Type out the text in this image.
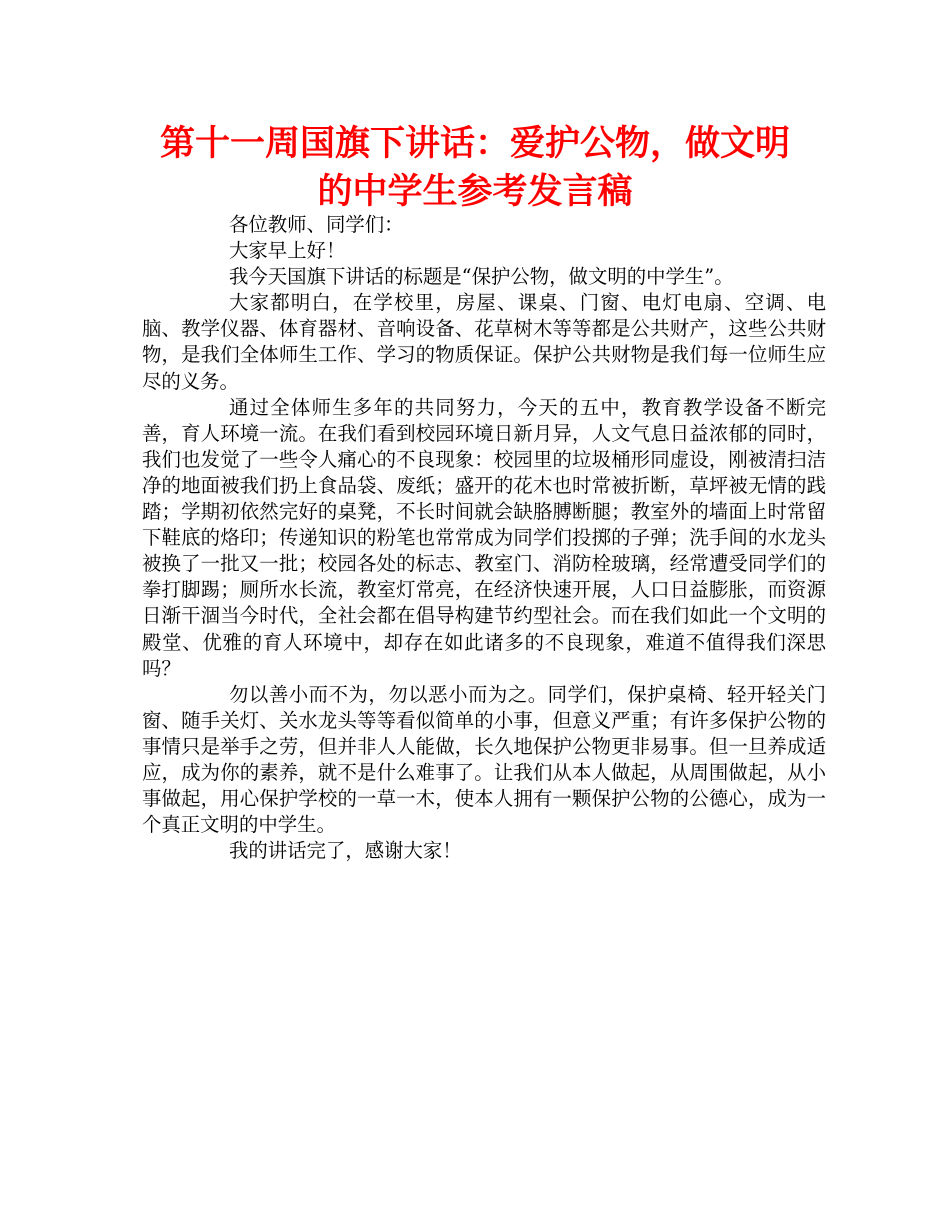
第十一周国旗下讲话：爱护公物，做文明
的中学生参考发言稿

各位教师、同学们：

大家早上好！

我今天国旗下讲话的标题是“保护公物，做文明的中学生”。

大家都明白，在学校里，房屋、课桌、门窗、电灯电扇、空调、电脑、教学仪器、体育器材、音响设备、花草树木等等都是公共财产，这些公共财物，是我们全体师生工作、学习的物质保证。保护公共财物是我们每一位师生应尽的义务。

通过全体师生多年的共同努力，今天的五中，教育教学设备不断完善，育人环境一流。在我们看到校园环境日新月异，人文气息日益浓郁的同时，我们也发觉了一些令人痛心的不良现象：校园里的垃圾桶形同虚设，刚被清扫洁净的地面被我们扔上食品袋、废纸；盛开的花木也时常被折断，草坪被无情的践踏；学期初依然完好的桌凳，不长时间就会缺胳膊断腿；教室外的墙面上时常留下鞋底的烙印；传递知识的粉笔也常常成为同学们投掷的子弹；洗手间的水龙头被换了一批又一批；校园各处的标志、教室门、消防栓玻璃，经常遭受同学们的拳打脚踢；厕所水长流，教室灯常亮，在经济快速开展，人口日益膨胀，而资源日渐干涸当今时代，全社会都在倡导构建节约型社会。而在我们如此一个文明的殿堂、优雅的育人环境中，却存在如此诸多的不良现象，难道不值得我们深思吗？

勿以善小而不为，勿以恶小而为之。同学们，保护桌椅、轻开轻关门窗、随手关灯、关水龙头等等看似简单的小事，但意义严重；有许多保护公物的事情只是举手之劳，但并非人人能做，长久地保护公物更非易事。但一旦养成适应，成为你的素养，就不是什么难事了。让我们从本人做起，从周围做起，从小事做起，用心保护学校的一草一木，使本人拥有一颗保护公物的公德心，成为一个真正文明的中学生。

我的讲话完了，感谢大家！
